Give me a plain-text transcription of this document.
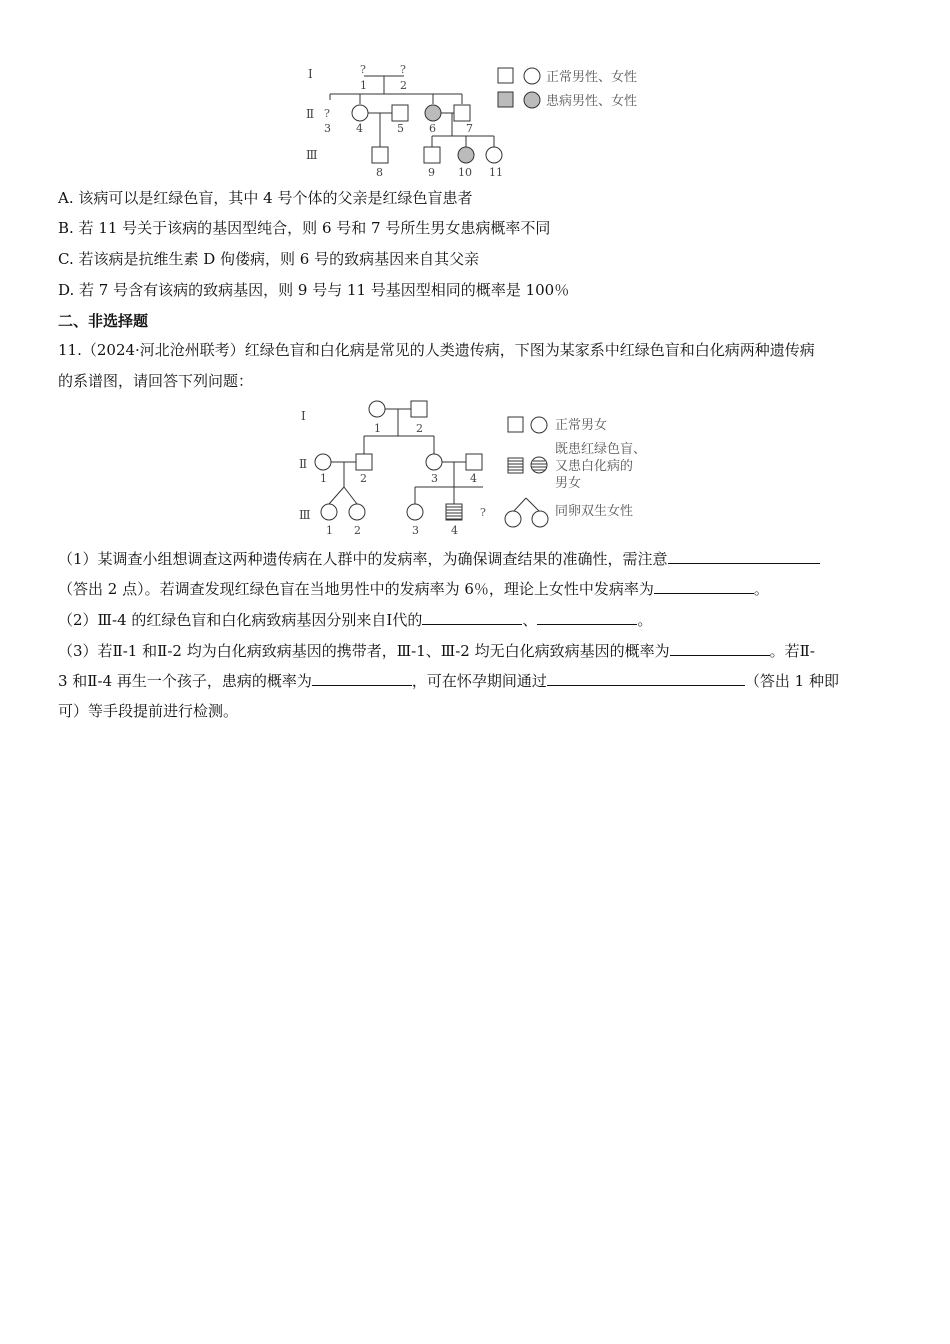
Ⅰ
Ⅱ
Ⅲ
?
1
?
2
?
3 4	5 6	7
8	9 10 11
正常男性、女性
患病男性、女性
A. 该病可以是红绿色盲，其中 4 号个体的父亲是红绿色盲患者
B. 若 11 号关于该病的基因型纯合，则 6 号和 7 号所生男女患病概率不同
C. 若该病是抗维生素 D 佝偻病，则 6 号的致病基因来自其父亲
D. 若 7 号含有该病的致病基因，则 9 号与 11 号基因型相同的概率是 100％
二、非选择题
11.（2024·河北沧州联考）红绿色盲和白化病是常见的人类遗传病，下图为某家系中红绿色盲和白化病两种遗传病
的系谱图，请回答下列问题：
?
Ⅰ
Ⅱ
Ⅲ
1	2
1	2	3	4
1 2	3	4
正常男女
既患红绿色盲、
又患白化病的
男女
同卵双生女性
（1）某调查小组想调查这两种遗传病在人群中的发病率，为确保调查结果的准确性，需注意
（答出 2 点）。若调查发现红绿色盲在当地男性中的发病率为 6％，理论上女性中发病率为	。
（2）Ⅲ-4 的红绿色盲和白化病致病基因分别来自Ⅰ代的	、	。
（3）若Ⅱ-1 和Ⅱ-2 均为白化病致病基因的携带者，Ⅲ-1、Ⅲ-2 均无白化病致病基因的概率为	。若Ⅱ-
3 和Ⅱ-4 再生一个孩子，患病的概率为	，可在怀孕期间通过	（答出 1 种即
可）等手段提前进行检测。
